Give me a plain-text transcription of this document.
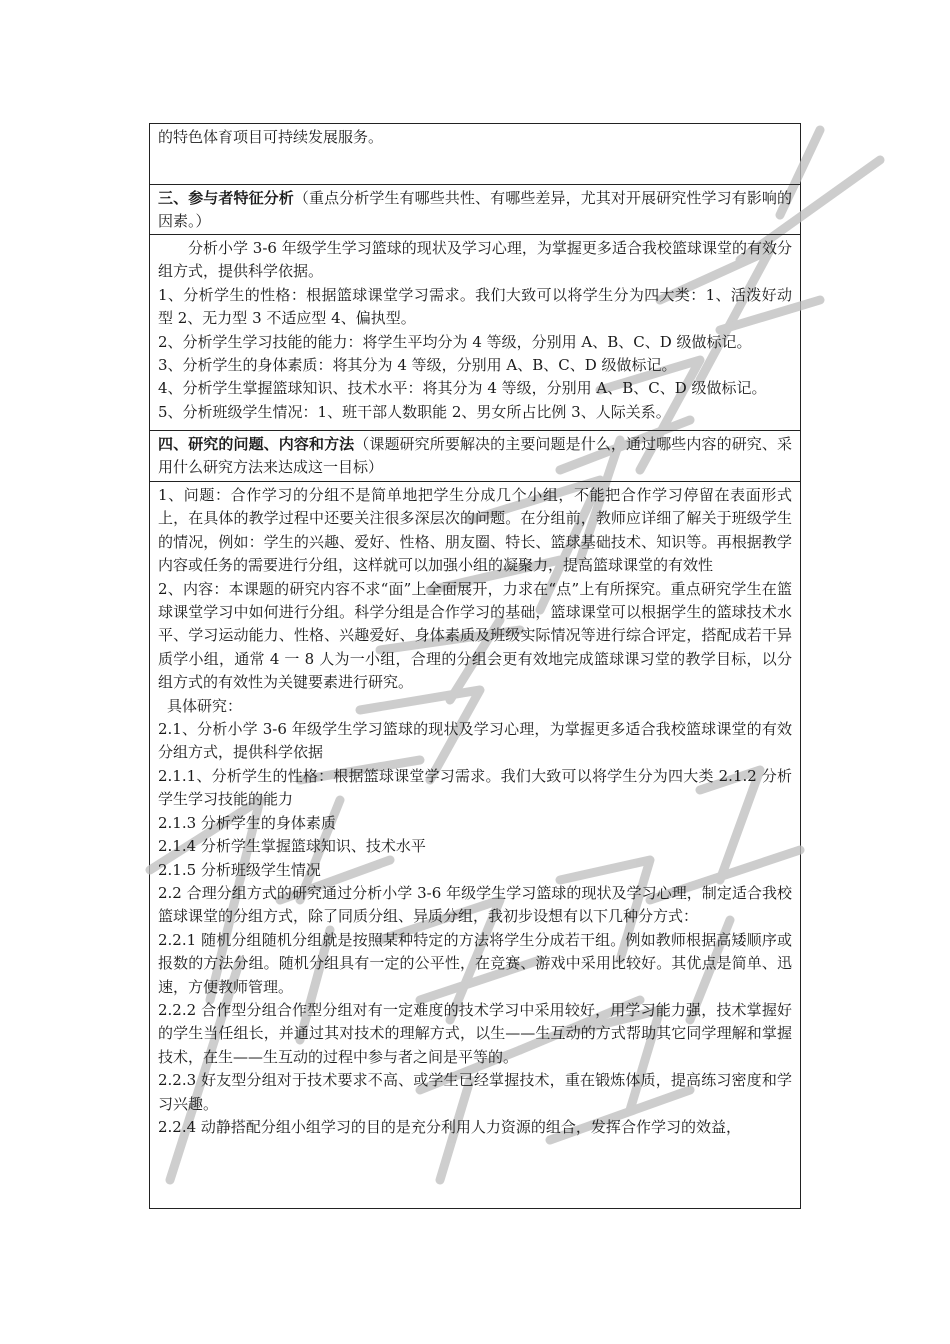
的特色体育项目可持续发展服务。

三、参与者特征分析（重点分析学生有哪些共性、有哪些差异，尤其对开展研究性学习有影响的因素。）

分析小学 3-6 年级学生学习篮球的现状及学习心理，为掌握更多适合我校篮球课堂的有效分组方式，提供科学依据。

1、分析学生的性格：根据篮球课堂学习需求。我们大致可以将学生分为四大类：1、活泼好动型 2、无力型 3 不适应型 4、偏执型。

2、分析学生学习技能的能力：将学生平均分为 4 等级，分别用 A、B、C、D 级做标记。

3、分析学生的身体素质：将其分为 4 等级，分别用 A、B、C、D 级做标记。

4、分析学生掌握篮球知识、技术水平：将其分为 4 等级，分别用 A、B、C、D 级做标记。

5、分析班级学生情况：1、班干部人数职能 2、男女所占比例 3、人际关系。

四、研究的问题、内容和方法（课题研究所要解决的主要问题是什么，通过哪些内容的研究、采用什么研究方法来达成这一目标）

1、问题：合作学习的分组不是简单地把学生分成几个小组，不能把合作学习停留在表面形式上，在具体的教学过程中还要关注很多深层次的问题。在分组前，教师应详细了解关于班级学生的情况，例如：学生的兴趣、爱好、性格、朋友圈、特长、篮球基础技术、知识等。再根据教学内容或任务的需要进行分组，这样就可以加强小组的凝聚力，提高篮球课堂的有效性

2、内容：本课题的研究内容不求“面”上全面展开，力求在“点”上有所探究。重点研究学生在篮球课堂学习中如何进行分组。科学分组是合作学习的基础，篮球课堂可以根据学生的篮球技术水平、学习运动能力、性格、兴趣爱好、身体素质及班级实际情况等进行综合评定，搭配成若干异质学小组，通常 4 一 8 人为一小组，合理的分组会更有效地完成篮球课习堂的教学目标，以分组方式的有效性为关键要素进行研究。

具体研究：

2.1、分析小学 3-6 年级学生学习篮球的现状及学习心理，为掌握更多适合我校篮球课堂的有效分组方式，提供科学依据

2.1.1、分析学生的性格：根据篮球课堂学习需求。我们大致可以将学生分为四大类 2.1.2 分析学生学习技能的能力

2.1.3 分析学生的身体素质

2.1.4 分析学生掌握篮球知识、技术水平

2.1.5 分析班级学生情况

2.2 合理分组方式的研究通过分析小学 3-6 年级学生学习篮球的现状及学习心理，制定适合我校篮球课堂的分组方式，除了同质分组、异质分组，我初步设想有以下几种分方式：

2.2.1 随机分组随机分组就是按照某种特定的方法将学生分成若干组。例如教师根据高矮顺序或报数的方法分组。随机分组具有一定的公平性，在竞赛、游戏中采用比较好。其优点是简单、迅速，方便教师管理。

2.2.2 合作型分组合作型分组对有一定难度的技术学习中采用较好，用学习能力强，技术掌握好的学生当任组长，并通过其对技术的理解方式，以生——生互动的方式帮助其它同学理解和掌握技术，在生——生互动的过程中参与者之间是平等的。

2.2.3 好友型分组对于技术要求不高、或学生已经掌握技术，重在锻炼体质，提高练习密度和学习兴趣。

2.2.4 动静搭配分组小组学习的目的是充分利用人力资源的组合，发挥合作学习的效益，
